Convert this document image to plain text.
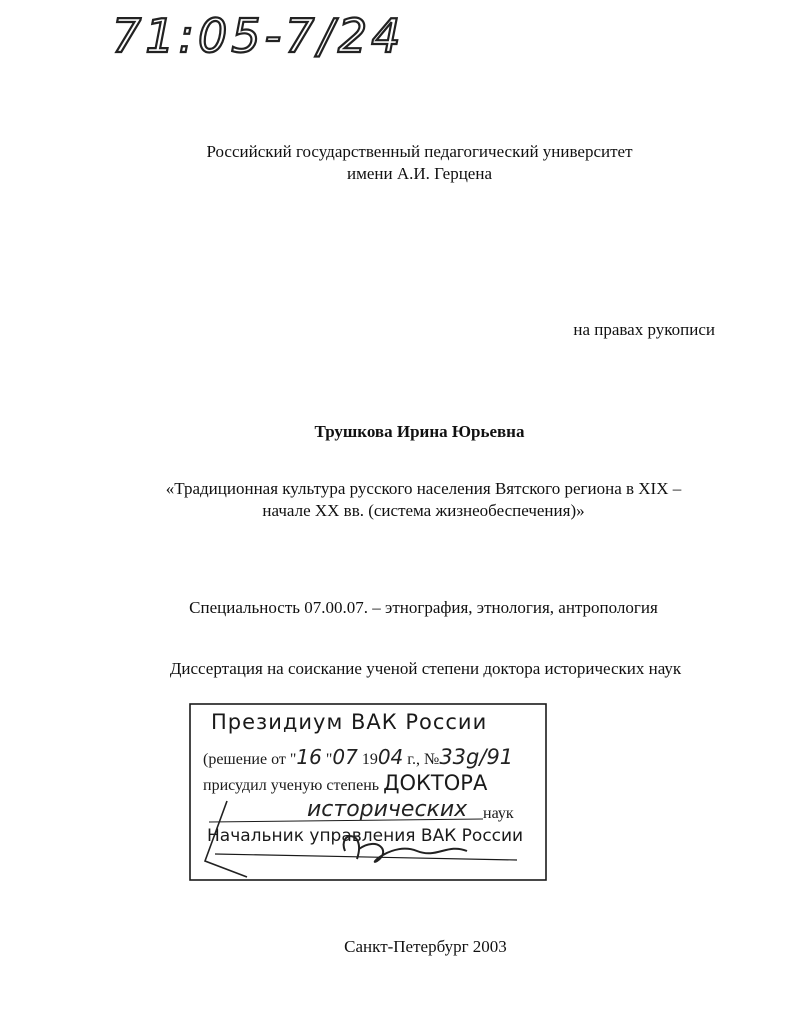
71:05-7/24
Российский государственный педагогический университет
имени А.И. Герцена
на правах рукописи
Трушкова Ирина Юрьевна
«Традиционная культура русского населения Вятского региона в XIX –
начале XX вв. (система жизнеобеспечения)»
Специальность 07.00.07. – этнография, этнология, антропология
Диссертация на соискание ученой степени доктора исторических наук
Президиум ВАК России
(решение от "16 "07 1904 г., №33g/91
присудил ученую степень ДОКТОРА
исторических наук
Начальник управления ВАК России
Санкт-Петербург 2003
